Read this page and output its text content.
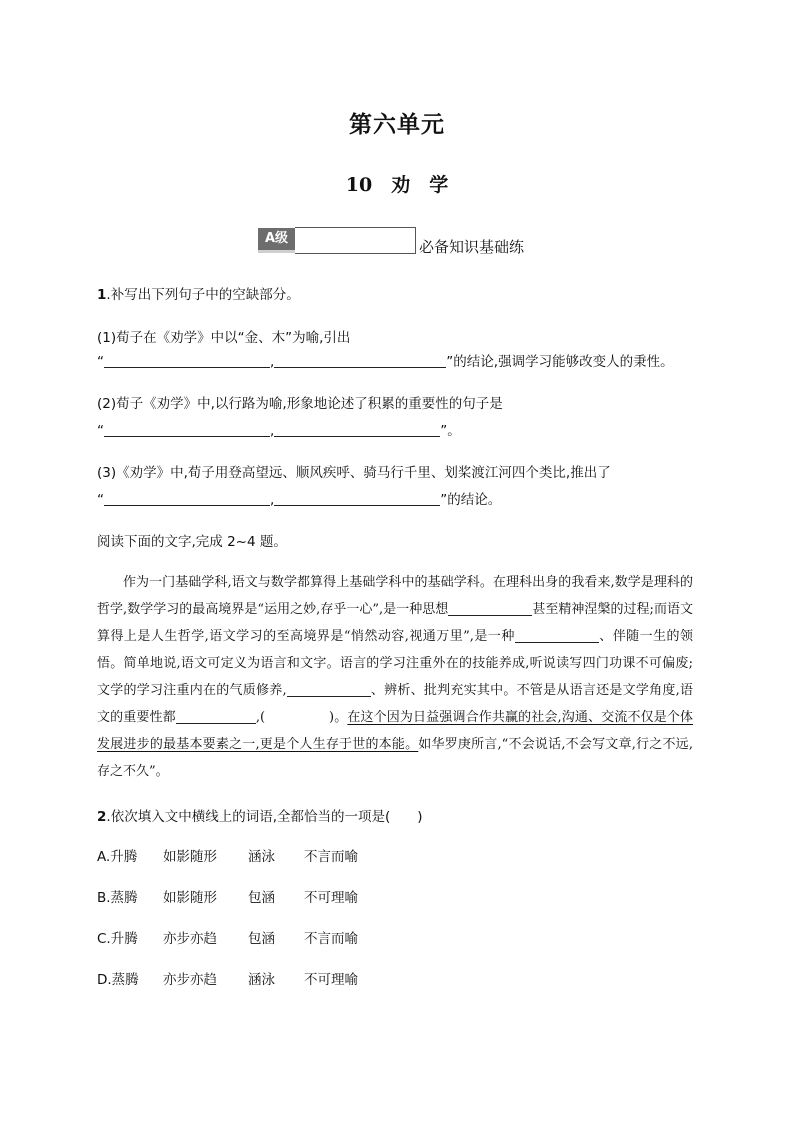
第六单元
10　劝　学
A级	必备知识基础练
1.补写出下列句子中的空缺部分。
(1)荀子在《劝学》中以“金、木”为喻,引出
“	,	”的结论,强调学习能够改变人的秉性。
(2)荀子《劝学》中,以行路为喻,形象地论述了积累的重要性的句子是
“	,	”。
(3)《劝学》中,荀子用登高望远、顺风疾呼、骑马行千里、划桨渡江河四个类比,推出了
“	,	”的结论。
阅读下面的文字,完成 2~4 题。
作为一门基础学科,语文与数学都算得上基础学科中的基础学科。在理科出身的我看来,数学是理科的哲学,数学学习的最高境界是“运用之妙,存乎一心”,是一种思想	甚至精神涅槃的过程;而语文算得上是人生哲学,语文学习的至高境界是“悄然动容,视通万里”,是一种	、伴随一生的领悟。简单地说,语文可定义为语言和文字。语言的学习注重外在的技能养成,听说读写四门功课不可偏废;文学的学习注重内在的气质修养,	、辨析、批判充实其中。不管是从语言还是文学角度,语文的重要性都	,(	)。在这个因为日益强调合作共赢的社会,沟通、交流不仅是个体发展进步的最基本要素之一,更是个人生存于世的本能。如华罗庚所言,“不会说话,不会写文章,行之不远,存之不久”。
2.依次填入文中横线上的词语,全都恰当的一项是(　　)
A.升腾 如影随形 涵泳 不言而喻
B.蒸腾 如影随形 包涵 不可理喻
C.升腾 亦步亦趋 包涵 不言而喻
D.蒸腾 亦步亦趋 涵泳 不可理喻
